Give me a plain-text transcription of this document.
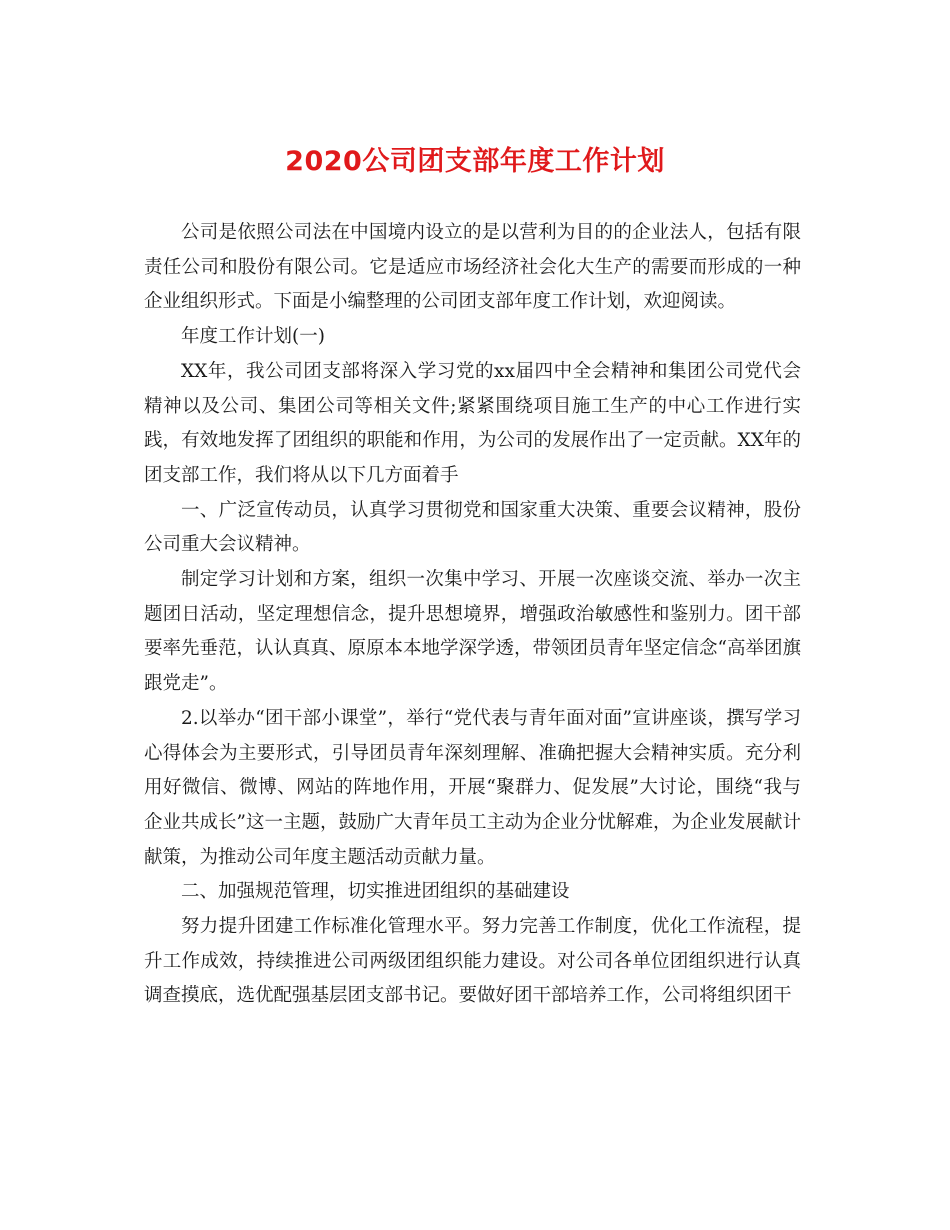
2020公司团支部年度工作计划

公司是依照公司法在中国境内设立的是以营利为目的的企业法人，包括有限责任公司和股份有限公司。它是适应市场经济社会化大生产的需要而形成的一种企业组织形式。下面是小编整理的公司团支部年度工作计划，欢迎阅读。

年度工作计划(一)

XX年，我公司团支部将深入学习党的xx届四中全会精神和集团公司党代会精神以及公司、集团公司等相关文件;紧紧围绕项目施工生产的中心工作进行实践，有效地发挥了团组织的职能和作用，为公司的发展作出了一定贡献。XX年的团支部工作，我们将从以下几方面着手

一、广泛宣传动员，认真学习贯彻党和国家重大决策、重要会议精神，股份公司重大会议精神。

制定学习计划和方案，组织一次集中学习、开展一次座谈交流、举办一次主题团日活动，坚定理想信念，提升思想境界，增强政治敏感性和鉴别力。团干部要率先垂范，认认真真、原原本本地学深学透，带领团员青年坚定信念“高举团旗跟党走”。

2.以举办“团干部小课堂”，举行“党代表与青年面对面”宣讲座谈，撰写学习心得体会为主要形式，引导团员青年深刻理解、准确把握大会精神实质。充分利用好微信、微博、网站的阵地作用，开展“聚群力、促发展”大讨论，围绕“我与企业共成长”这一主题，鼓励广大青年员工主动为企业分忧解难，为企业发展献计献策，为推动公司年度主题活动贡献力量。

二、加强规范管理，切实推进团组织的基础建设

努力提升团建工作标准化管理水平。努力完善工作制度，优化工作流程，提升工作成效，持续推进公司两级团组织能力建设。对公司各单位团组织进行认真调查摸底，选优配强基层团支部书记。要做好团干部培养工作，公司将组织团干
